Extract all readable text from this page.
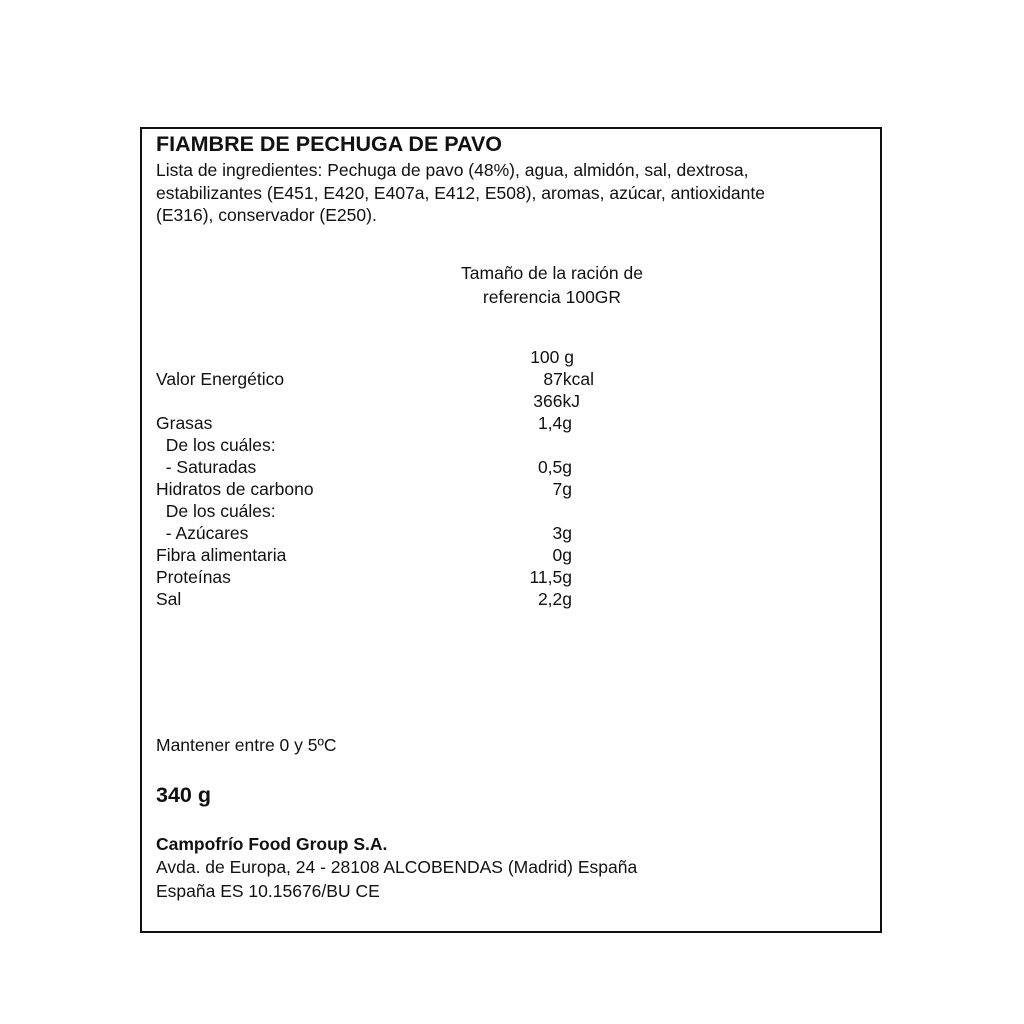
FIAMBRE DE PECHUGA DE PAVO
Lista de ingredientes: Pechuga de pavo (48%), agua, almidón, sal, dextrosa,
estabilizantes (E451, E420, E407a, E412, E508), aromas, azúcar, antioxidante
(E316), conservador (E250).
Tamaño de la ración de
referencia 100GR
100 g
Valor Energético	87kcal
366kJ
Grasas	1,4g
De los cuáles:
- Saturadas	0,5g
Hidratos de carbono	7g
De los cuáles:
- Azúcares	3g
Fibra alimentaria	0g
Proteínas	11,5g
Sal	2,2g
Mantener entre 0 y 5ºC
340 g
Campofrío Food Group S.A.
Avda. de Europa, 24 - 28108 ALCOBENDAS (Madrid) España
España ES 10.15676/BU CE
